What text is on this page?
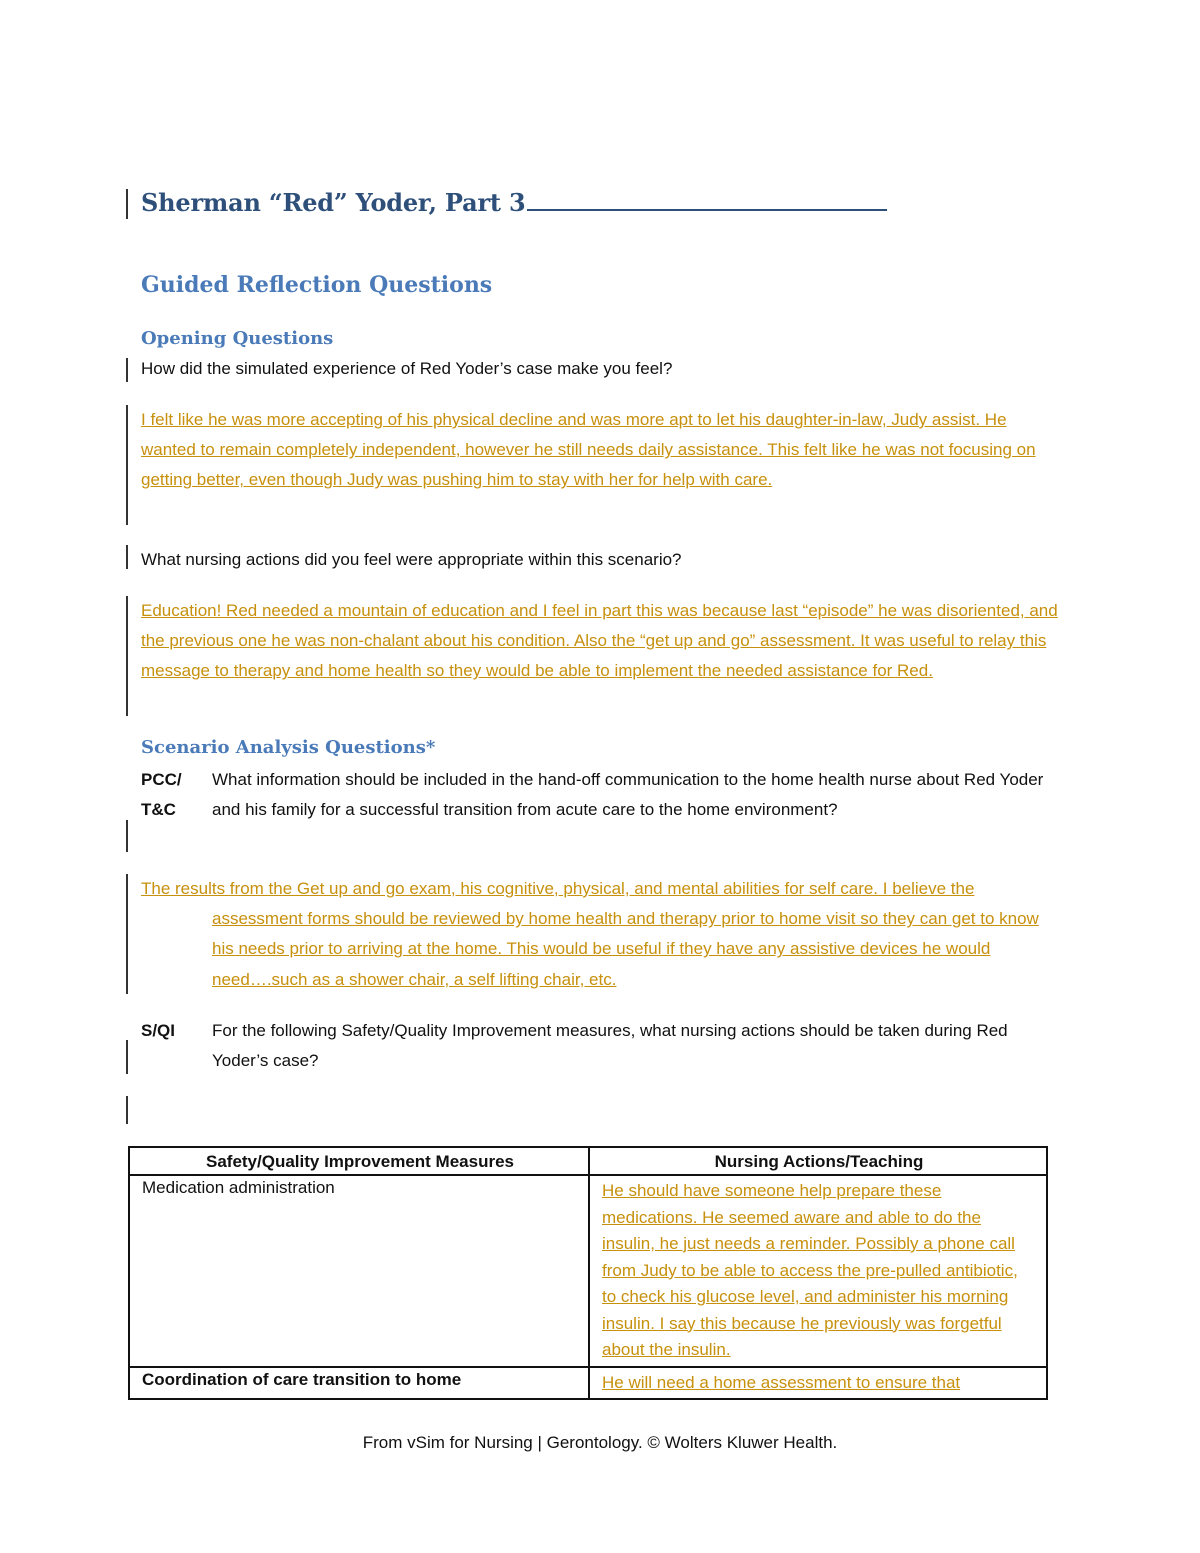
Sherman “Red” Yoder, Part 3
Guided Reflection Questions
Opening Questions
How did the simulated experience of Red Yoder’s case make you feel?
I felt like he was more accepting of his physical decline and was more apt to let his daughter-in-law, Judy assist. He wanted to remain completely independent, however he still needs daily assistance. This felt like he was not focusing on getting better, even though Judy was pushing him to stay with her for help with care.
What nursing actions did you feel were appropriate within this scenario?
Education! Red needed a mountain of education and I feel in part this was because last “episode” he was disoriented, and the previous one he was non-chalant about his condition. Also the “get up and go” assessment. It was useful to relay this message to therapy and home health so they would be able to implement the needed assistance for Red.
Scenario Analysis Questions*
PCC/
T&C
What information should be included in the hand-off communication to the home health nurse about Red Yoder and his family for a successful transition from acute care to the home environment?
The results from the Get up and go exam, his cognitive, physical, and mental abilities for self care. I believe the assessment forms should be reviewed by home health and therapy prior to home visit so they can get to know his needs prior to arriving at the home. This would be useful if they have any assistive devices he would need….such as a shower chair, a self lifting chair, etc.
S/QI For the following Safety/Quality Improvement measures, what nursing actions should be taken during Red Yoder’s case?
Safety/Quality Improvement Measures	Nursing Actions/Teaching
Medication administration	He should have someone help prepare these medications. He seemed aware and able to do the insulin, he just needs a reminder. Possibly a phone call from Judy to be able to access the pre-pulled antibiotic, to check his glucose level, and administer his morning insulin. I say this because he previously was forgetful about the insulin.
Coordination of care transition to home	He will need a home assessment to ensure that
From vSim for Nursing | Gerontology. © Wolters Kluwer Health.
